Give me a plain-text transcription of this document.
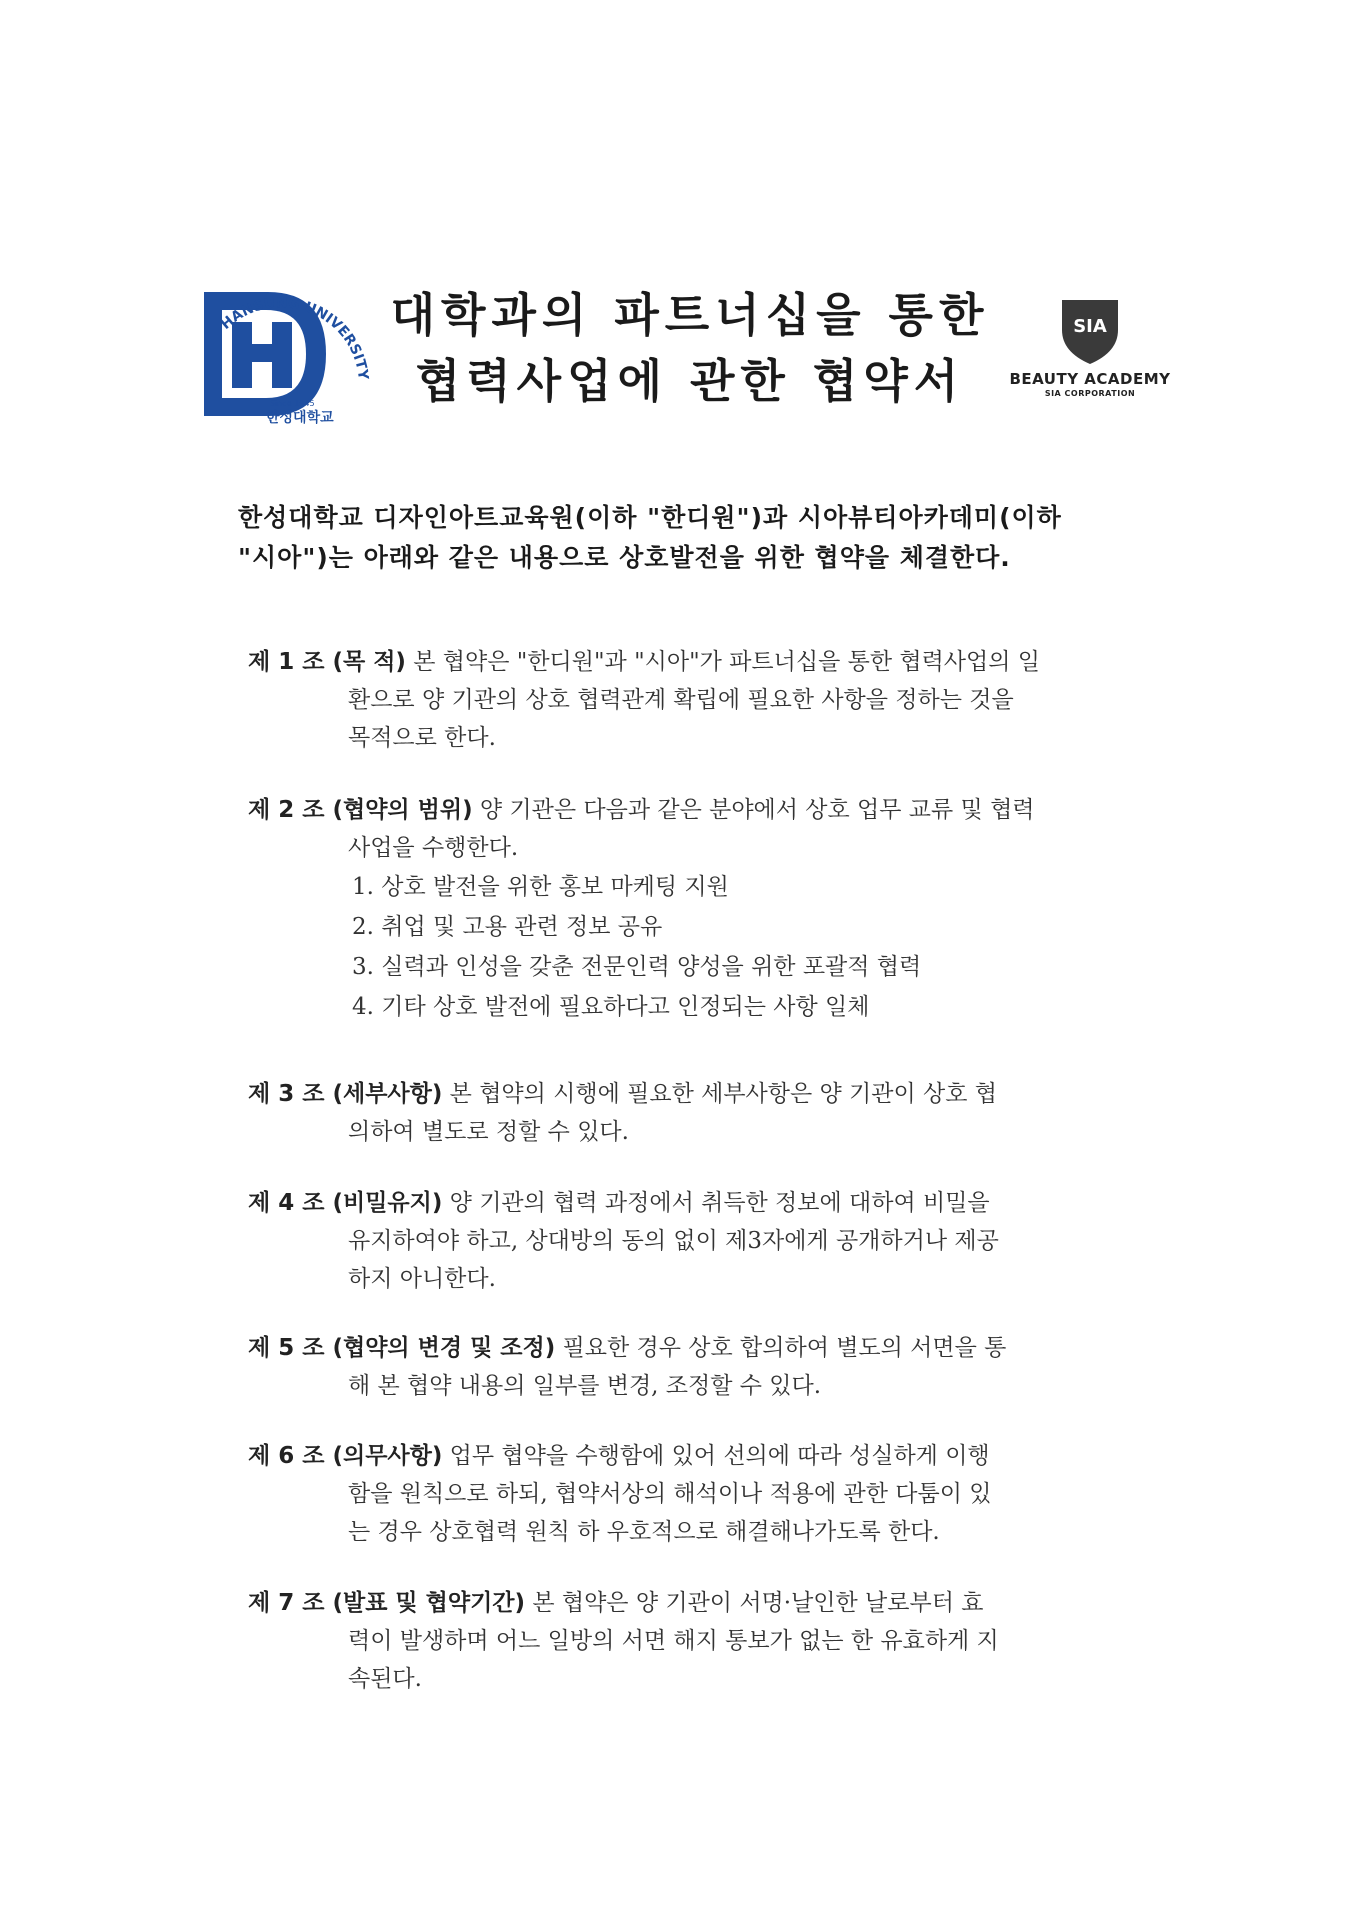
HANSUNG UNIVERSITY
Since 1945
한성대학교
대학과의 파트너십을 통한
협력사업에 관한 협약서
SIA
BEAUTY ACADEMY
SIA CORPORATION
한성대학교 디자인아트교육원(이하 "한디원")과 시아뷰티아카데미(이하
"시아")는 아래와 같은 내용으로 상호발전을 위한 협약을 체결한다.
제 1 조 (목 적) 본 협약은 "한디원"과 "시아"가 파트너십을 통한 협력사업의 일
환으로 양 기관의 상호 협력관계 확립에 필요한 사항을 정하는 것을
목적으로 한다.
제 2 조 (협약의 범위) 양 기관은 다음과 같은 분야에서 상호 업무 교류 및 협력
사업을 수행한다.
1. 상호 발전을 위한 홍보 마케팅 지원
2. 취업 및 고용 관련 정보 공유
3. 실력과 인성을 갖춘 전문인력 양성을 위한 포괄적 협력
4. 기타 상호 발전에 필요하다고 인정되는 사항 일체
제 3 조 (세부사항) 본 협약의 시행에 필요한 세부사항은 양 기관이 상호 협
의하여 별도로 정할 수 있다.
제 4 조 (비밀유지) 양 기관의 협력 과정에서 취득한 정보에 대하여 비밀을
유지하여야 하고, 상대방의 동의 없이 제3자에게 공개하거나 제공
하지 아니한다.
제 5 조 (협약의 변경 및 조정) 필요한 경우 상호 합의하여 별도의 서면을 통
해 본 협약 내용의 일부를 변경, 조정할 수 있다.
제 6 조 (의무사항) 업무 협약을 수행함에 있어 선의에 따라 성실하게 이행
함을 원칙으로 하되, 협약서상의 해석이나 적용에 관한 다툼이 있
는 경우 상호협력 원칙 하 우호적으로 해결해나가도록 한다.
제 7 조 (발표 및 협약기간) 본 협약은 양 기관이 서명·날인한 날로부터 효
력이 발생하며 어느 일방의 서면 해지 통보가 없는 한 유효하게 지
속된다.
